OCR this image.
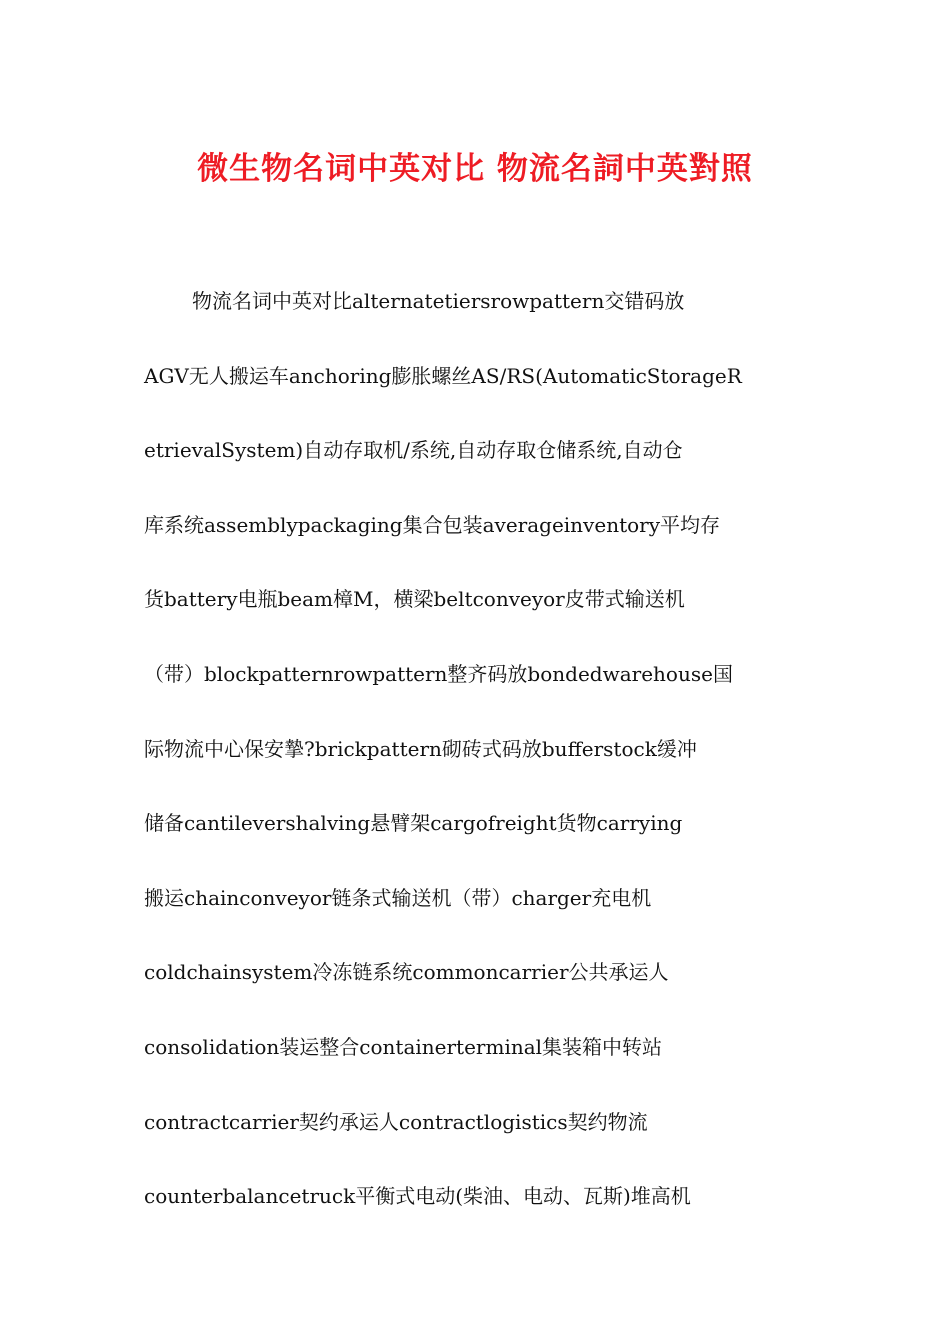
微生物名词中英对比 物流名詞中英對照
物流名词中英对比alternatetiersrowpattern交错码放
AGV无人搬运车anchoring膨胀螺丝AS/RS(AutomaticStorageR
etrievalSystem)自动存取机/系统,自动存取仓储系统,自动仓
库系统assemblypackaging集合包装averageinventory平均存
货battery电瓶beam樟M，横梁beltconveyor皮带式输送机
（带）blockpatternrowpattern整齐码放bondedwarehouse国
际物流中心保安摯?brickpattern砌砖式码放bufferstock缓冲
储备cantilevershalving悬臂架cargofreight货物carrying
搬运chainconveyor链条式输送机（带）charger充电机
coldchainsystem冷冻链系统commoncarrier公共承运人
consolidation装运整合containerterminal集装箱中转站
contractcarrier契约承运人contractlogistics契约物流
counterbalancetruck平衡式电动(柴油、电动、瓦斯)堆高机
